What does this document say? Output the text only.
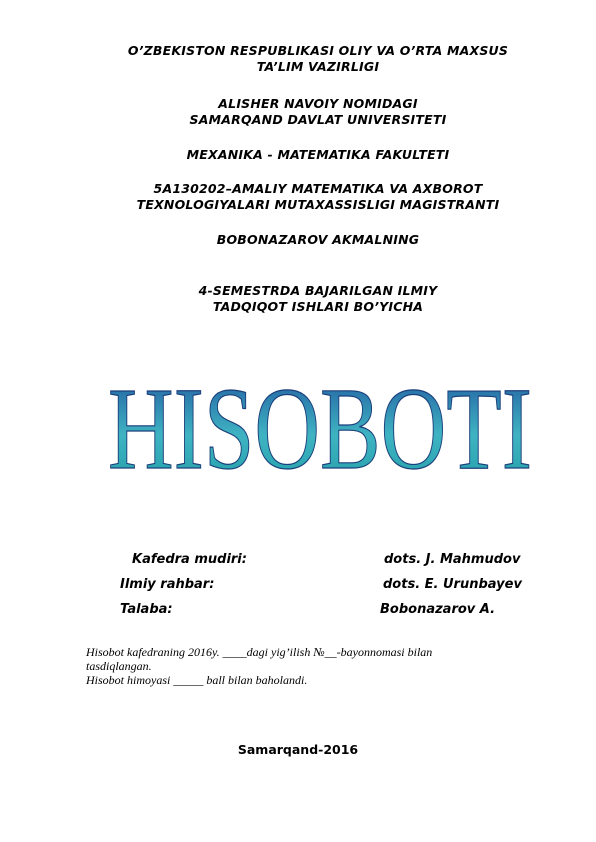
O’ZBEKISTON RESPUBLIKASI OLIY VA O’RTA MAXSUS
TA’LIM VAZIRLIGI
ALISHER NAVOIY NOMIDAGI
SAMARQAND DAVLAT UNIVERSITETI
MEXANIKA - MATEMATIKA FAKULTETI
5A130202–AMALIY MATEMATIKA VA AXBOROT
TEXNOLOGIYALARI MUTAXASSISLIGI MAGISTRANTI
BOBONAZAROV AKMALNING
4-SEMESTRDA BAJARILGAN ILMIY
TADQIQOT ISHLARI BO’YICHA
HISOBOTI
Kafedra mudiri:	dots. J. Mahmudov
Ilmiy rahbar:	dots. E. Urunbayev
Talaba:	Bobonazarov A.
Hisobot kafedraning 2016y. ____dagi yig’ilish №__-bayonnomasi bilan
tasdiqlangan.
Hisobot himoyasi _____ ball bilan baholandi.
Samarqand-2016
